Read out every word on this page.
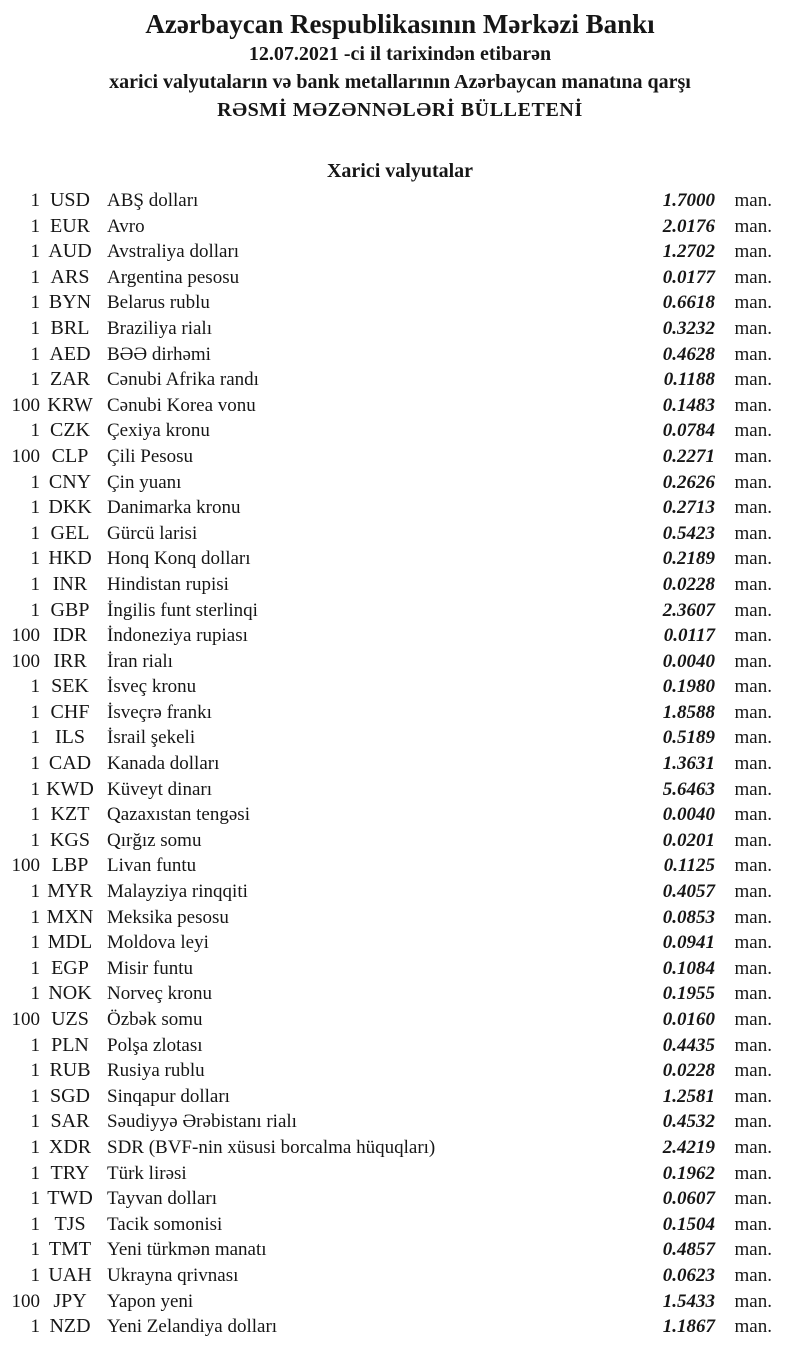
Azərbaycan Respublikasının Mərkəzi Bankı
12.07.2021 -ci il tarixindən etibarən
xarici valyutaların və bank metallarının Azərbaycan manatına qarşı
RƏSMİ MƏZƏNNƏLƏRİ BÜLLETENİ
Xarici valyutalar
1 USD ABŞ dolları	1.7000	man.
1 EUR Avro	2.0176	man.
1 AUD Avstraliya dolları	1.2702	man.
1 ARS Argentina pesosu	0.0177	man.
1 BYN Belarus rublu	0.6618	man.
1 BRL Braziliya rialı	0.3232	man.
1 AED BƏƏ dirhəmi	0.4628	man.
1 ZAR Cənubi Afrika randı	0.1188	man.
100 KRW Cənubi Korea vonu	0.1483	man.
1 CZK Çexiya kronu	0.0784	man.
100 CLP Çili Pesosu	0.2271	man.
1 CNY Çin yuanı	0.2626	man.
1 DKK Danimarka kronu	0.2713	man.
1 GEL Gürcü larisi	0.5423	man.
1 HKD Honq Konq dolları	0.2189	man.
1 INR	Hindistan rupisi	0.0228	man.
1 GBP İngilis funt sterlinqi	2.3607	man.
100 IDR	İndoneziya rupiası	0.0117	man.
100 IRR	İran rialı	0.0040	man.
1 SEK İsveç kronu	0.1980	man.
1 CHF İsveçrə frankı	1.8588	man.
1 ILS	İsrail şekeli	0.5189	man.
1 CAD Kanada dolları	1.3631	man.
1 KWD Küveyt dinarı	5.6463	man.
1 KZT Qazaxıstan tengəsi	0.0040	man.
1 KGS Qırğız somu	0.0201	man.
100 LBP Livan funtu	0.1125	man.
1 MYR Malayziya rinqqiti	0.4057	man.
1 MXN Meksika pesosu	0.0853	man.
1 MDL Moldova leyi	0.0941	man.
1 EGP Misir funtu	0.1084	man.
1 NOK Norveç kronu	0.1955	man.
100 UZS Özbək somu	0.0160	man.
1 PLN Polşa zlotası	0.4435	man.
1 RUB Rusiya rublu	0.0228	man.
1 SGD Sinqapur dolları	1.2581	man.
1 SAR Səudiyyə Ərəbistanı rialı	0.4532	man.
1 XDR SDR (BVF-nin xüsusi borcalma hüquqları)	2.4219	man.
1 TRY Türk lirəsi	0.1962	man.
1 TWD Tayvan dolları	0.0607	man.
1 TJS	Tacik somonisi	0.1504	man.
1 TMT Yeni türkmən manatı	0.4857	man.
1 UAH Ukrayna qrivnası	0.0623	man.
100 JPY	Yapon yeni	1.5433	man.
1 NZD Yeni Zelandiya dolları	1.1867	man.
